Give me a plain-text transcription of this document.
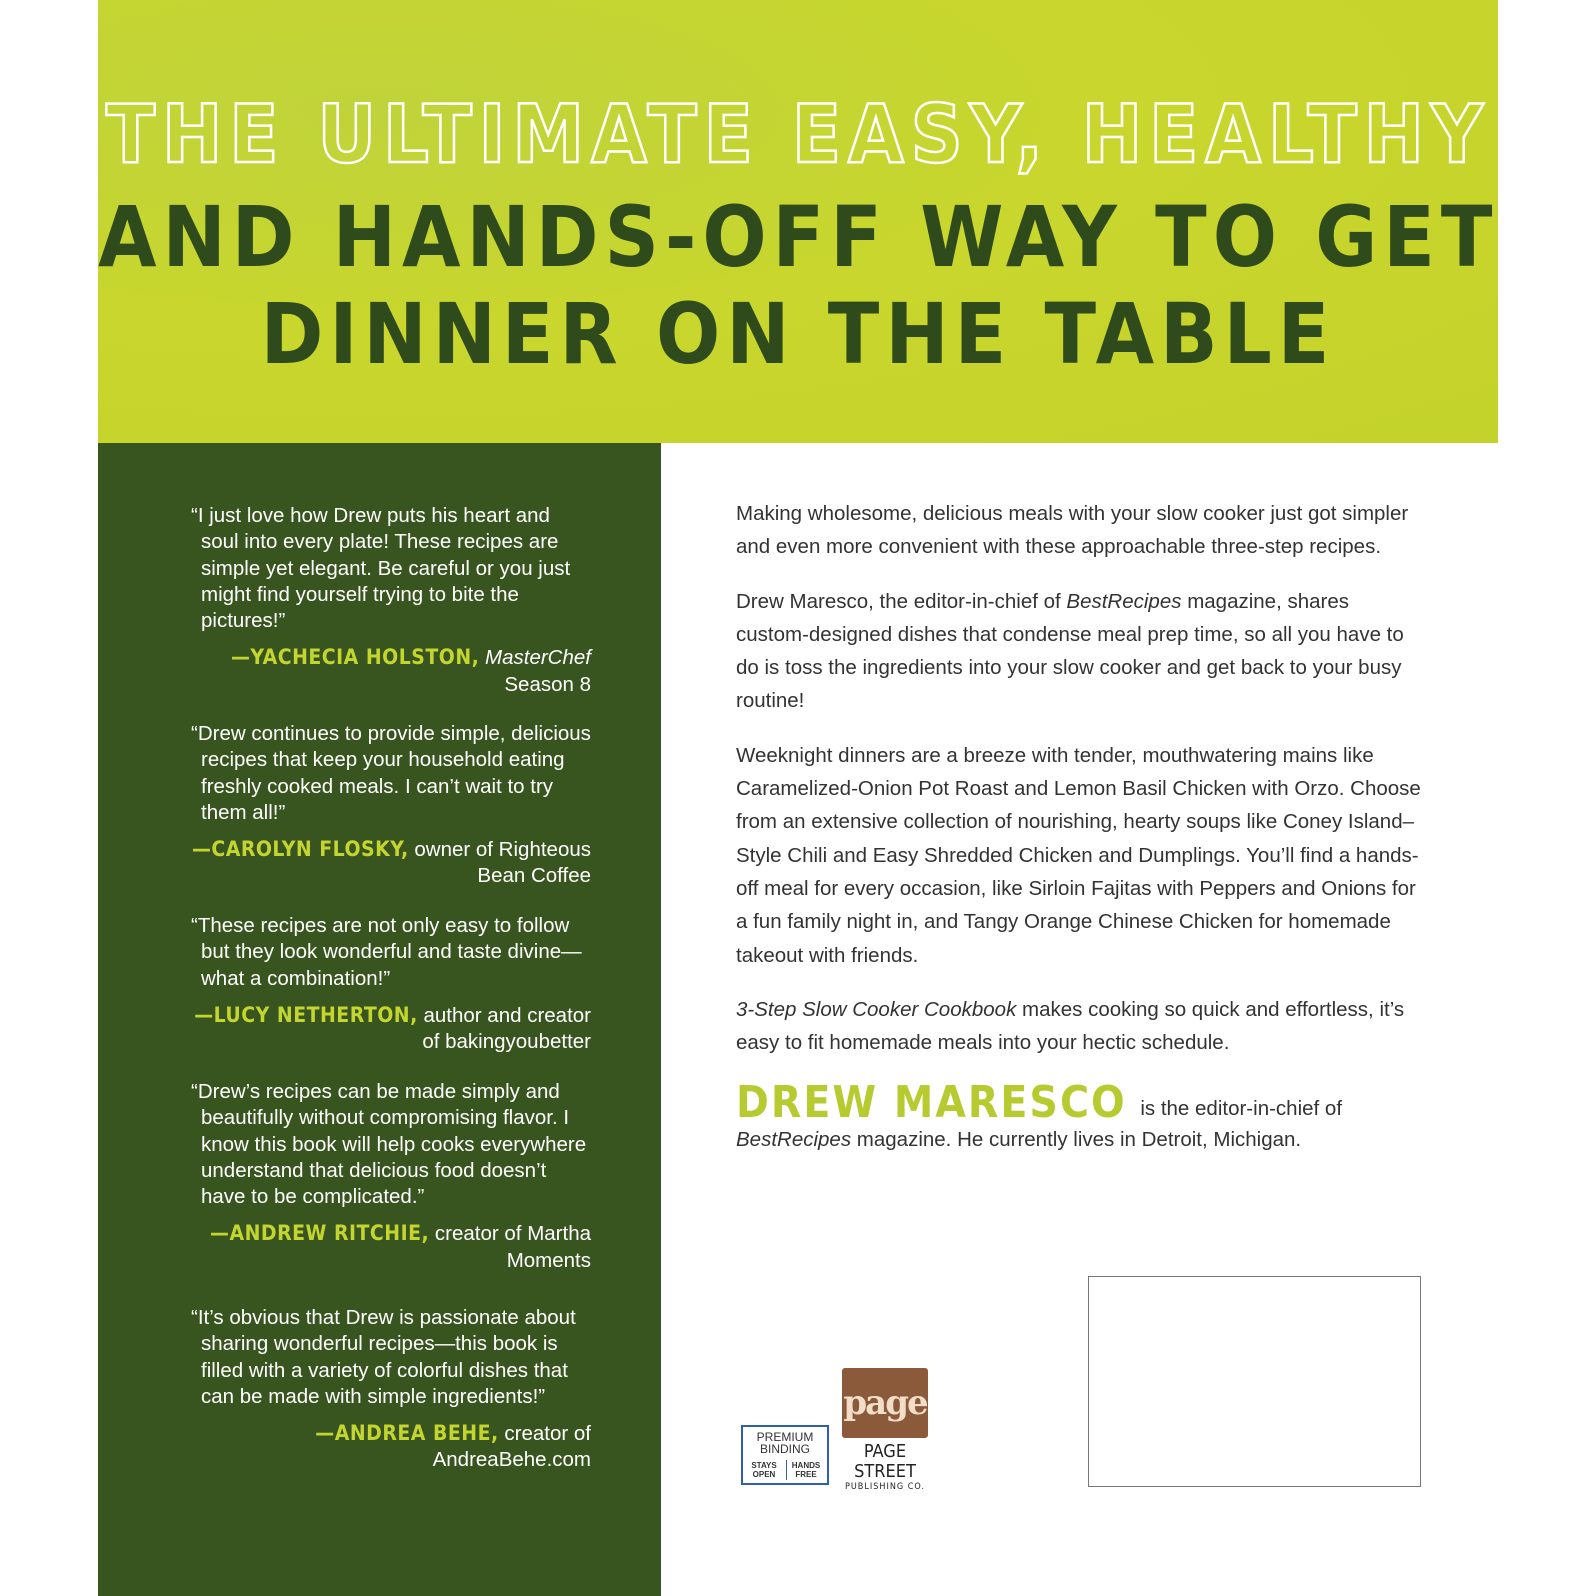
THE ULTIMATE EASY, HEALTHY
AND HANDS-OFF WAY TO GET
DINNER ON THE TABLE
“I just love how Drew puts his heart and soul into every plate! These recipes are simple yet elegant. Be careful or you just might find yourself trying to bite the pictures!”
—YACHECIA HOLSTON, MasterChef
Season 8
“Drew continues to provide simple, delicious recipes that keep your household eating freshly cooked meals. I can’t wait to try them all!”
—CAROLYN FLOSKY, owner of Righteous Bean Coffee
“These recipes are not only easy to follow but they look wonderful and taste divine—what a combination!”
—LUCY NETHERTON, author and creator of bakingyoubetter
“Drew’s recipes can be made simply and beautifully without compromising flavor. I know this book will help cooks everywhere understand that delicious food doesn’t have to be complicated.”
—ANDREW RITCHIE, creator of Martha Moments
“It’s obvious that Drew is passionate about sharing wonderful recipes—this book is filled with a variety of colorful dishes that can be made with simple ingredients!”
—ANDREA BEHE, creator of AndreaBehe.com

Making wholesome, delicious meals with your slow cooker just got simpler and even more convenient with these approachable three-step recipes.

Drew Maresco, the editor-in-chief of BestRecipes magazine, shares custom-designed dishes that condense meal prep time, so all you have to do is toss the ingredients into your slow cooker and get back to your busy routine!

Weeknight dinners are a breeze with tender, mouthwatering mains like Caramelized-Onion Pot Roast and Lemon Basil Chicken with Orzo. Choose from an extensive collection of nourishing, hearty soups like Coney Island–Style Chili and Easy Shredded Chicken and Dumplings. You’ll find a hands-off meal for every occasion, like Sirloin Fajitas with Peppers and Onions for a fun family night in, and Tangy Orange Chinese Chicken for homemade takeout with friends.

3-Step Slow Cooker Cookbook makes cooking so quick and effortless, it’s easy to fit homemade meals into your hectic schedule.

DREW MARESCO is the editor-in-chief of BestRecipes magazine. He currently lives in Detroit, Michigan.
PREMIUM
BINDING
STAYS OPEN
HANDS FREE
page
PAGE STREET
PUBLISHING CO.
